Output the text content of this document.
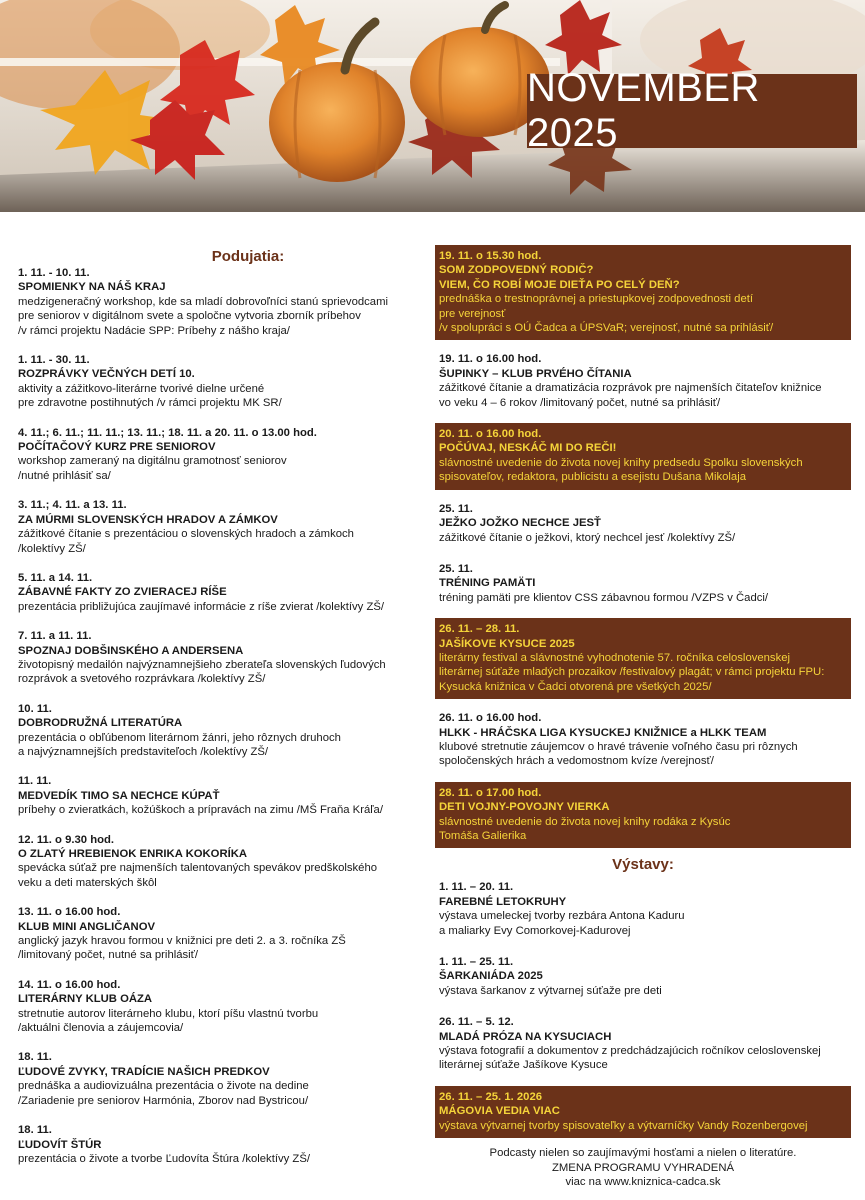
NOVEMBER 2025
Podujatia:
1. 11. - 10. 11.
SPOMIENKY NA NÁŠ KRAJ
medzigeneračný workshop, kde sa mladí dobrovoľníci stanú sprievodcami
pre seniorov v digitálnom svete a spoločne vytvoria zborník príbehov
/v rámci projektu Nadácie SPP: Príbehy z nášho kraja/
1. 11. - 30. 11.
ROZPRÁVKY VEČNÝCH DETÍ 10.
aktivity a zážitkovo-literárne tvorivé dielne určené
pre zdravotne postihnutých /v rámci projektu MK SR/
4. 11.; 6. 11.; 11. 11.; 13. 11.; 18. 11. a 20. 11. o 13.00 hod.
POČÍTAČOVÝ KURZ PRE SENIOROV
workshop zameraný na digitálnu gramotnosť seniorov
/nutné prihlásiť sa/
3. 11.; 4. 11. a 13. 11.
ZA MÚRMI SLOVENSKÝCH HRADOV A ZÁMKOV
zážitkové čítanie s prezentáciou o slovenských hradoch a zámkoch
/kolektívy ZŠ/
5. 11. a 14. 11.
ZÁBAVNÉ FAKTY ZO ZVIERACEJ RÍŠE
prezentácia približujúca zaujímavé informácie z ríše zvierat /kolektívy ZŠ/
7. 11. a 11. 11.
SPOZNAJ DOBŠINSKÉHO A ANDERSENA
životopisný medailón najvýznamnejšieho zberateľa slovenských ľudových
rozprávok a svetového rozprávkara /kolektívy ZŠ/
10. 11.
DOBRODRUŽNÁ LITERATÚRA
prezentácia o obľúbenom literárnom žánri, jeho rôznych druhoch
a najvýznamnejších predstaviteľoch /kolektívy ZŠ/
11. 11.
MEDVEDÍK TIMO SA NECHCE KÚPAŤ
príbehy o zvieratkách, kožúškoch a prípravách na zimu /MŠ Fraňa Kráľa/
12. 11. o 9.30 hod.
O ZLATÝ HREBIENOK ENRIKA KOKORÍKA
spevácka súťaž pre najmenších talentovaných spevákov predškolského
veku a deti materských škôl
13. 11. o 16.00 hod.
KLUB MINI ANGLIČANOV
anglický jazyk hravou formou v knižnici pre deti 2. a 3. ročníka ZŠ
/limitovaný počet, nutné sa prihlásiť/
14. 11. o 16.00 hod.
LITERÁRNY KLUB OÁZA
stretnutie autorov literárneho klubu, ktorí píšu vlastnú tvorbu
/aktuálni členovia a záujemcovia/
18. 11.
ĽUDOVÉ ZVYKY, TRADÍCIE NAŠICH PREDKOV
prednáška a audiovizuálna prezentácia o živote na dedine
/Zariadenie pre seniorov Harmónia, Zborov nad Bystricou/
18. 11.
ĽUDOVÍT ŠTÚR
prezentácia o živote a tvorbe Ľudovíta Štúra /kolektívy ZŠ/
19. 11. o 15.30 hod.
SOM ZODPOVEDNÝ RODIČ?
VIEM, ČO ROBÍ MOJE DIEŤA PO CELÝ DEŇ?
prednáška o trestnoprávnej a priestupkovej zodpovednosti detí
pre verejnosť
/v spolupráci s OÚ Čadca a ÚPSVaR; verejnosť, nutné sa prihlásiť/
19. 11. o 16.00 hod.
ŠUPINKY – KLUB PRVÉHO ČÍTANIA
zážitkové čítanie a dramatizácia rozprávok pre najmenších čitateľov knižnice
vo veku 4 – 6 rokov /limitovaný počet, nutné sa prihlásiť/
20. 11. o 16.00 hod.
POČÚVAJ, NESKÁČ MI DO REČI!
slávnostné uvedenie do života novej knihy predsedu Spolku slovenských
spisovateľov, redaktora, publicistu a esejistu Dušana Mikolaja
25. 11.
JEŽKO JOŽKO NECHCE JESŤ
zážitkové čítanie o ježkovi, ktorý nechcel jesť /kolektívy ZŠ/
25. 11.
TRÉNING PAMÄTI
tréning pamäti pre klientov CSS zábavnou formou /VZPS v Čadci/
26. 11. – 28. 11.
JAŠÍKOVE KYSUCE 2025
literárny festival a slávnostné vyhodnotenie 57. ročníka celoslovenskej
literárnej súťaže mladých prozaikov /festivalový plagát; v rámci projektu FPU:
Kysucká knižnica v Čadci otvorená pre všetkých 2025/
26. 11. o 16.00 hod.
HLKK - HRÁČSKA LIGA KYSUCKEJ KNIŽNICE a HLKK TEAM
klubové stretnutie záujemcov o hravé trávenie voľného času pri rôznych
spoločenských hrách a vedomostnom kvíze /verejnosť/
28. 11. o 17.00 hod.
DETI VOJNY-POVOJNY VIERKA
slávnostné uvedenie do života novej knihy rodáka z Kysúc
Tomáša Galierika
Výstavy:
1. 11. – 20. 11.
FAREBNÉ LETOKRUHY
výstava umeleckej tvorby rezbára Antona Kaduru
a maliarky Evy Comorkovej-Kadurovej
1. 11. – 25. 11.
ŠARKANIÁDA 2025
výstava šarkanov z výtvarnej súťaže pre deti
26. 11. – 5. 12.
MLADÁ PRÓZA NA KYSUCIACH
výstava fotografií a dokumentov z predchádzajúcich ročníkov celoslovenskej
literárnej súťaže Jašíkove Kysuce
26. 11. – 25. 1. 2026
MÁGOVIA VEDIA VIAC
výstava výtvarnej tvorby spisovateľky a výtvarníčky Vandy Rozenbergovej
Podcasty nielen so zaujímavými hosťami a nielen o literatúre.
ZMENA PROGRAMU VYHRADENÁ
viac na www.kniznica-cadca.sk
